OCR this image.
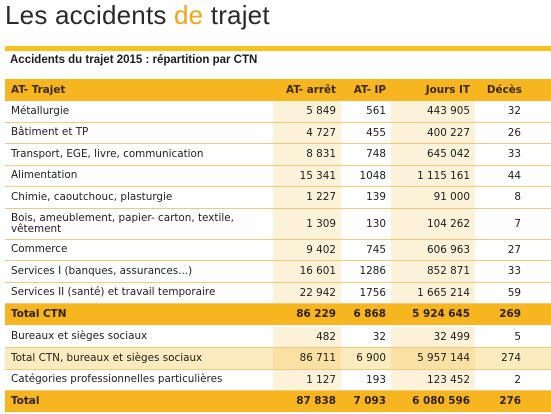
Les accidents de trajet
Accidents du trajet 2015 : répartition par CTN
AT- Trajet	AT- arrêt	AT- IP	Jours IT	Décès	
Métallurgie	5 849	561	443 905	32	
Bâtiment et TP	4 727	455	400 227	26	
Transport, EGE, livre, communication	8 831	748	645 042	33	
Alimentation	15 341	1048	1 115 161	44	
Chimie, caoutchouc, plasturgie	1 227	139	91 000	8	
Bois, ameublement, papier- carton, textile, vêtement	1 309	130	104 262	7	
Commerce	9 402	745	606 963	27	
Services I (banques, assurances...)	16 601	1286	852 871	33	
Services II (santé) et travail temporaire	22 942	1756	1 665 214	59	
Total CTN	86 229	6 868	5 924 645	269	
Bureaux et sièges sociaux	482	32	32 499	5	
Total CTN, bureaux et sièges sociaux	86 711	6 900	5 957 144	274	
Catégories professionnelles particulières	1 127	193	123 452	2	
Total	87 838	7 093	6 080 596	276	
